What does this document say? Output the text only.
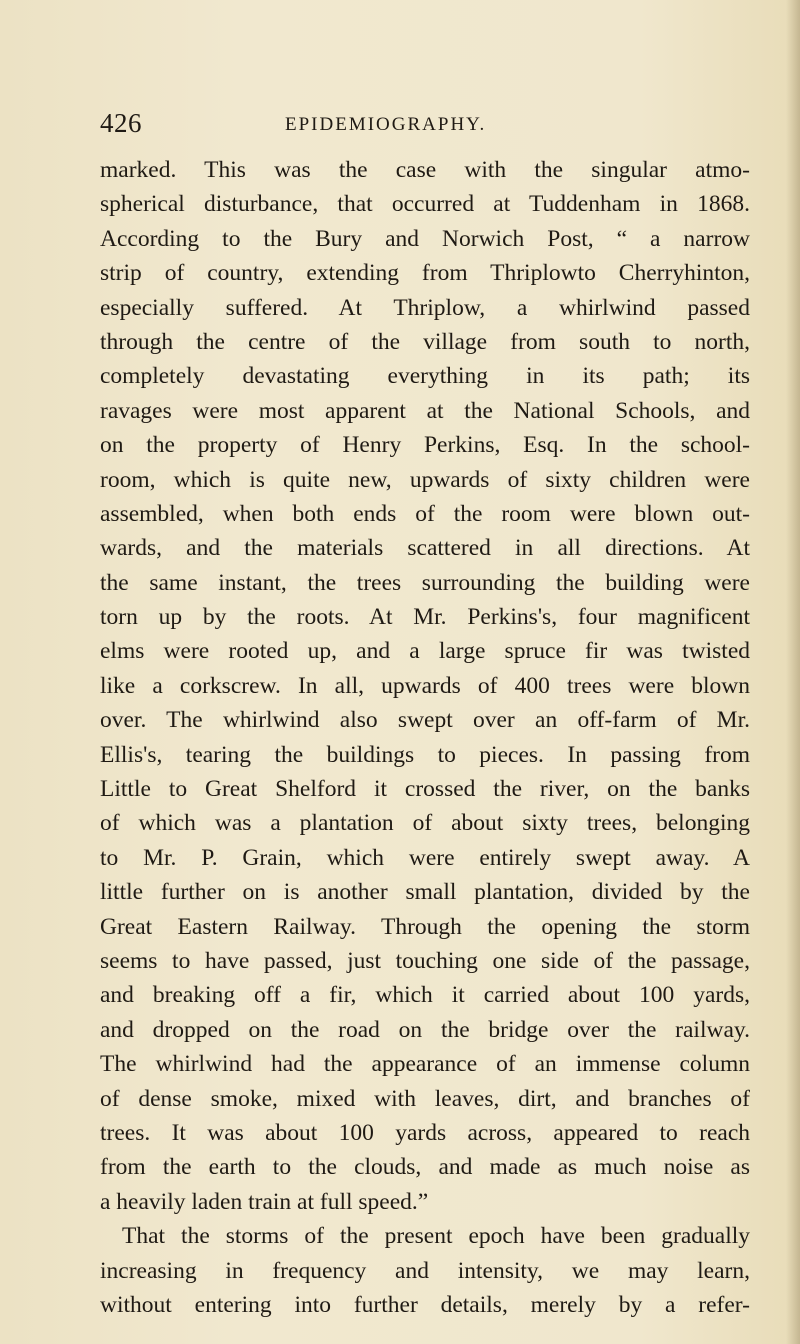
426	EPIDEMIOGRAPHY.
marked. This was the case with the singular atmo-
spherical disturbance, that occurred at Tuddenham in 1868.
According to the Bury and Norwich Post, “ a narrow
strip of country, extending from Thriplowto Cherryhinton,
especially suffered. At Thriplow, a whirlwind passed
through the centre of the village from south to north,
completely devastating everything in its path; its
ravages were most apparent at the National Schools, and
on the property of Henry Perkins, Esq. In the school-
room, which is quite new, upwards of sixty children were
assembled, when both ends of the room were blown out-
wards, and the materials scattered in all directions. At
the same instant, the trees surrounding the building were
torn up by the roots. At Mr. Perkins's, four magnificent
elms were rooted up, and a large spruce fir was twisted
like a corkscrew. In all, upwards of 400 trees were blown
over. The whirlwind also swept over an off-farm of Mr.
Ellis's, tearing the buildings to pieces. In passing from
Little to Great Shelford it crossed the river, on the banks
of which was a plantation of about sixty trees, belonging
to Mr. P. Grain, which were entirely swept away. A
little further on is another small plantation, divided by the
Great Eastern Railway. Through the opening the storm
seems to have passed, just touching one side of the passage,
and breaking off a fir, which it carried about 100 yards,
and dropped on the road on the bridge over the railway.
The whirlwind had the appearance of an immense column
of dense smoke, mixed with leaves, dirt, and branches of
trees. It was about 100 yards across, appeared to reach
from the earth to the clouds, and made as much noise as
a heavily laden train at full speed.”
That the storms of the present epoch have been gradually
increasing in frequency and intensity, we may learn,
without entering into further details, merely by a refer-
